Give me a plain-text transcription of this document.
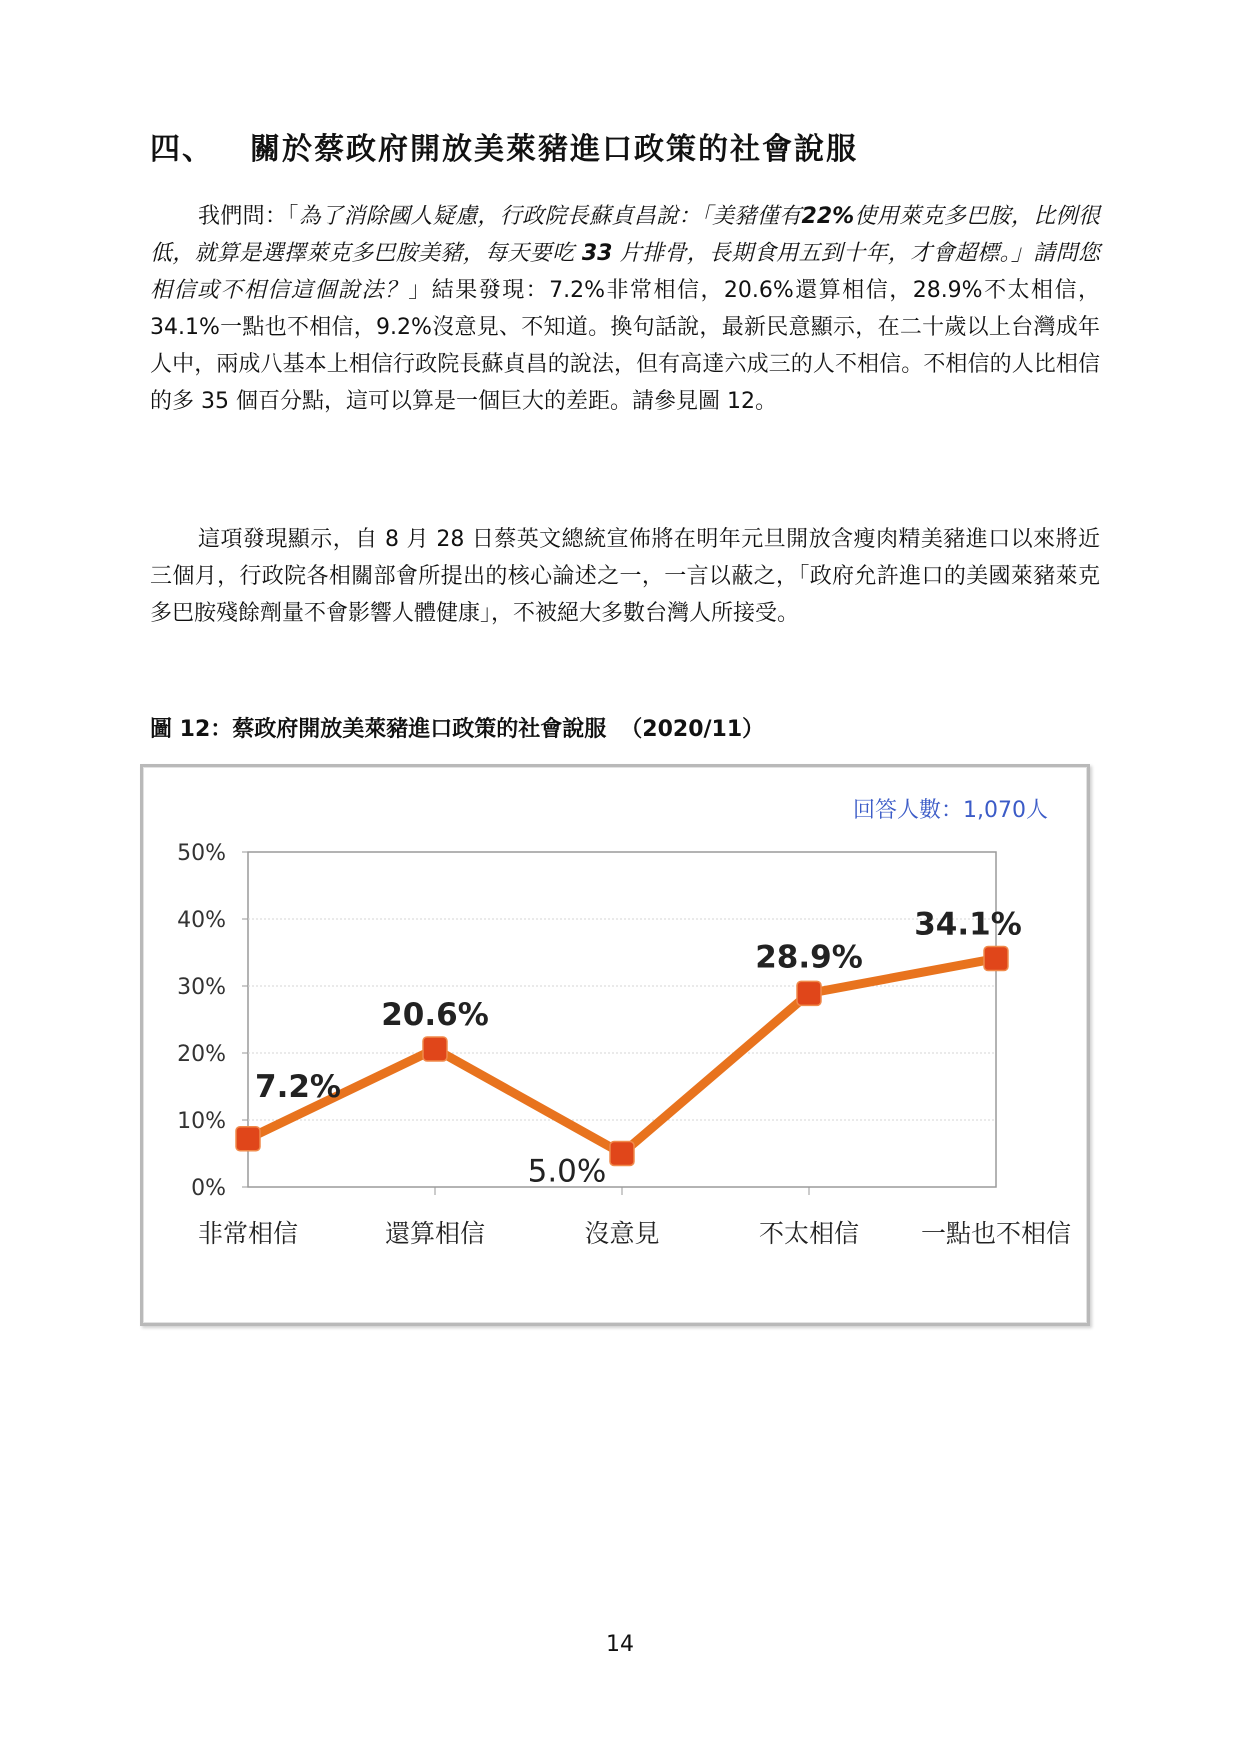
四、 關於蔡政府開放美萊豬進口政策的社會說服

我們問：「為了消除國人疑慮，行政院長蘇貞昌說：「美豬僅有22%使用萊克多巴胺，比例很低，就算是選擇萊克多巴胺美豬，每天要吃 33 片排骨，長期食用五到十年，才會超標。」請問您相信或不相信這個說法？」結果發現：7.2%非常相信，20.6%還算相信，28.9%不太相信，34.1%一點也不相信，9.2%沒意見、不知道。換句話說，最新民意顯示，在二十歲以上台灣成年人中，兩成八基本上相信行政院長蘇貞昌的說法，但有高達六成三的人不相信。不相信的人比相信的多 35 個百分點，這可以算是一個巨大的差距。請參見圖 12。

這項發現顯示，自 8 月 28 日蔡英文總統宣佈將在明年元旦開放含瘦肉精美豬進口以來將近三個月，行政院各相關部會所提出的核心論述之一，一言以蔽之，「政府允許進口的美國萊豬萊克多巴胺殘餘劑量不會影響人體健康」，不被絕大多數台灣人所接受。

圖 12：蔡政府開放美萊豬進口政策的社會說服 （2020/11）

0%
10%
20%
30%
40%
50%
非常相信	還算相信	沒意見	不太相信 一點也不相信
7.2%
20.6%
5.0%
28.9%
34.1%
回答人數：1,070人
14
